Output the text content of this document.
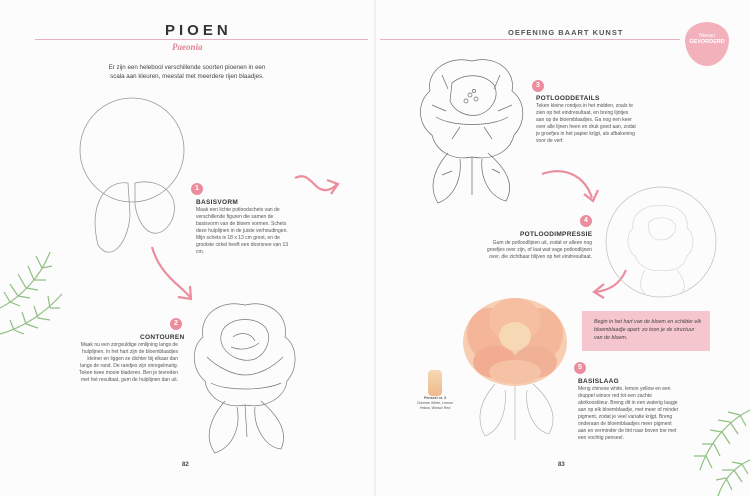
PIOEN
Paeonia
Er zijn een helebool verschillende soorten pioenen in een scala aan kleuren, meestal met meerdere rijen blaadjes.
OEFENING BAART KUNST	Niveau
GEVORDERD
1
BASISVORM
Maak een lichte potloodschets van de verschillende figuren die samen de basisvorm van de bloem vormen. Schets deze hulplijnen in de juiste verhoudingen. Mijn schets is 18 x 13 cm groot, en de grootste cirkel heeft een doorsnee van 13 cm.
2
CONTOUREN
Maak nu een zorgvuldige omlijning langs de hulplijnen. In het hart zijn de bloemblaadjes kleiner en liggen ze dichter bij elkaar dan langs de rand. De randjes zijn onregelmatig. Teken twee mooie bladeren. Ben je tevreden met het resultaat, gum de hulplijnen dan uit.
3
POTLOODDETAILS
Teken kleine rondjes in het midden, zoals te zien op het eindresultaat, en breng lijntjes aan op de bloemblaadjes. Ga nog een keer over alle lijnen heen en druk goed aan, zodat je groefjes in het papier krijgt, als afbakening voor de verf.
4
POTLOODIMPRESSIE
Gum de potloodlijnen uit, zodat er alleen nog groefjes over zijn, of laat wat vage potloodlijnen over, die zichtbaar blijven op het eindresultaat.
Begin in het hart van de bloem en schilder elk bloemblaadje apart: zo toon je de structuur van de bloem.
Penseel nr. 3
Chinese White, Lemon Yellow, Winsor Red
5
BASISLAAG
Meng chinese white, lemon yellow en een druppel winsor red tot een zachte abrikooskleur. Breng dit in een waterig laagje aan op elk bloemblaadje, met meer of minder pigment, zodat je veel variatie krijgt. Breng onderaan de bloemblaadjes meer pigment aan en verminder de tint naar boven toe met een vochtig penseel.
82	83
